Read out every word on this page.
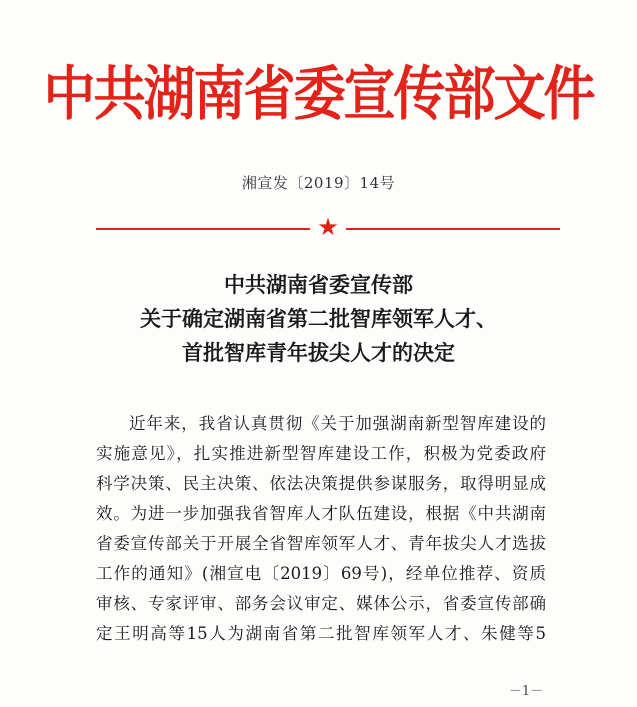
中共湖南省委宣传部文件
湘宣发〔2019〕14号
★
中共湖南省委宣传部
关于确定湖南省第二批智库领军人才、
首批智库青年拔尖人才的决定
近年来，我省认真贯彻《关于加强湖南新型智库建设的
实施意见》，扎实推进新型智库建设工作，积极为党委政府
科学决策、民主决策、依法决策提供参谋服务，取得明显成
效。为进一步加强我省智库人才队伍建设，根据《中共湖南
省委宣传部关于开展全省智库领军人才、青年拔尖人才选拔
工作的通知》(湘宣电〔2019〕69号)，经单位推荐、资质
审核、专家评审、部务会议审定、媒体公示，省委宣传部确
定王明高等15人为湖南省第二批智库领军人才、朱健等5
－1－
